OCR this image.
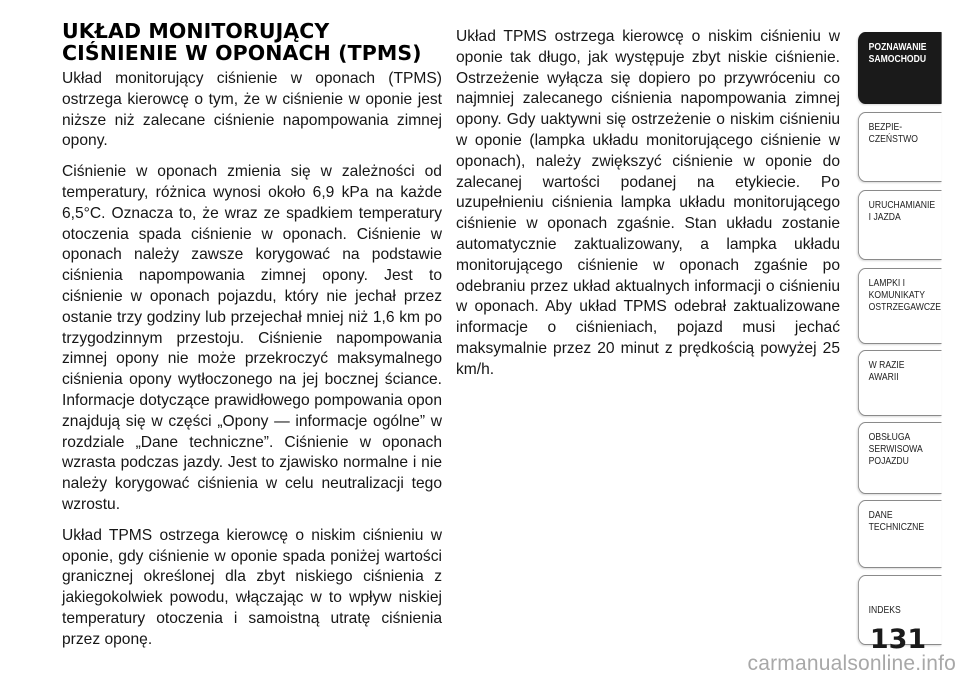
UKŁAD MONITORUJĄCY CIŚNIENIE W OPONACH (TPMS)

Układ monitorujący ciśnienie w oponach (TPMS) ostrzega kierowcę o tym, że w ciśnienie w oponie jest niższe niż zalecane ciśnienie napompowania zimnej opony.

Ciśnienie w oponach zmienia się w zależności od temperatury, różnica wynosi około 6,9 kPa na każde 6,5°C. Oznacza to, że wraz ze spadkiem temperatury otoczenia spada ciśnienie w oponach. Ciśnienie w oponach należy zawsze korygować na podstawie ciśnienia napompowania zimnej opony. Jest to ciśnienie w oponach pojazdu, który nie jechał przez ostanie trzy godziny lub przejechał mniej niż 1,6 km po trzygodzinnym przestoju. Ciśnienie napompowania zimnej opony nie może przekroczyć maksymalnego ciśnienia opony wytłoczonego na jej bocznej ściance. Informacje dotyczące prawidłowego pompowania opon znajdują się w części „Opony — informacje ogólne” w rozdziale „Dane techniczne”. Ciśnienie w oponach wzrasta podczas jazdy. Jest to zjawisko normalne i nie należy korygować ciśnienia w celu neutralizacji tego wzrostu.

Układ TPMS ostrzega kierowcę o niskim ciśnieniu w oponie, gdy ciśnienie w oponie spada poniżej wartości granicznej określonej dla zbyt niskiego ciśnienia z jakiegokolwiek powodu, włączając w to wpływ niskiej temperatury otoczenia i samoistną utratę ciśnienia przez oponę.

Układ TPMS ostrzega kierowcę o niskim ciśnieniu w oponie tak długo, jak występuje zbyt niskie ciśnienie. Ostrzeżenie wyłącza się dopiero po przywróceniu co najmniej zalecanego ciśnienia napompowania zimnej opony. Gdy uaktywni się ostrzeżenie o niskim ciśnieniu w oponie (lampka układu monitorującego ciśnienie w oponach), należy zwiększyć ciśnienie w oponie do zalecanej wartości podanej na etykiecie. Po uzupełnieniu ciśnienia lampka układu monitorującego ciśnienie w oponach zgaśnie. Stan układu zostanie automatycznie zaktualizowany, a lampka układu monitorującego ciśnienie w oponach zgaśnie po odebraniu przez układ aktualnych informacji o ciśnieniu w oponach. Aby układ TPMS odebrał zaktualizowane informacje o ciśnieniach, pojazd musi jechać maksymalnie przez 20 minut z prędkością powyżej 25 km/h.

POZNAWANIE
SAMOCHODU
BEZPIE-
CZEŃSTWO
URUCHAMIANIE
I JAZDA
LAMPKI I
KOMUNIKATY
OSTRZEGAWCZE
W RAZIE
AWARII
OBSŁUGA
SERWISOWA
POJAZDU
DANE
TECHNICZNE
INDEKS
131
carmanualsonline.info
